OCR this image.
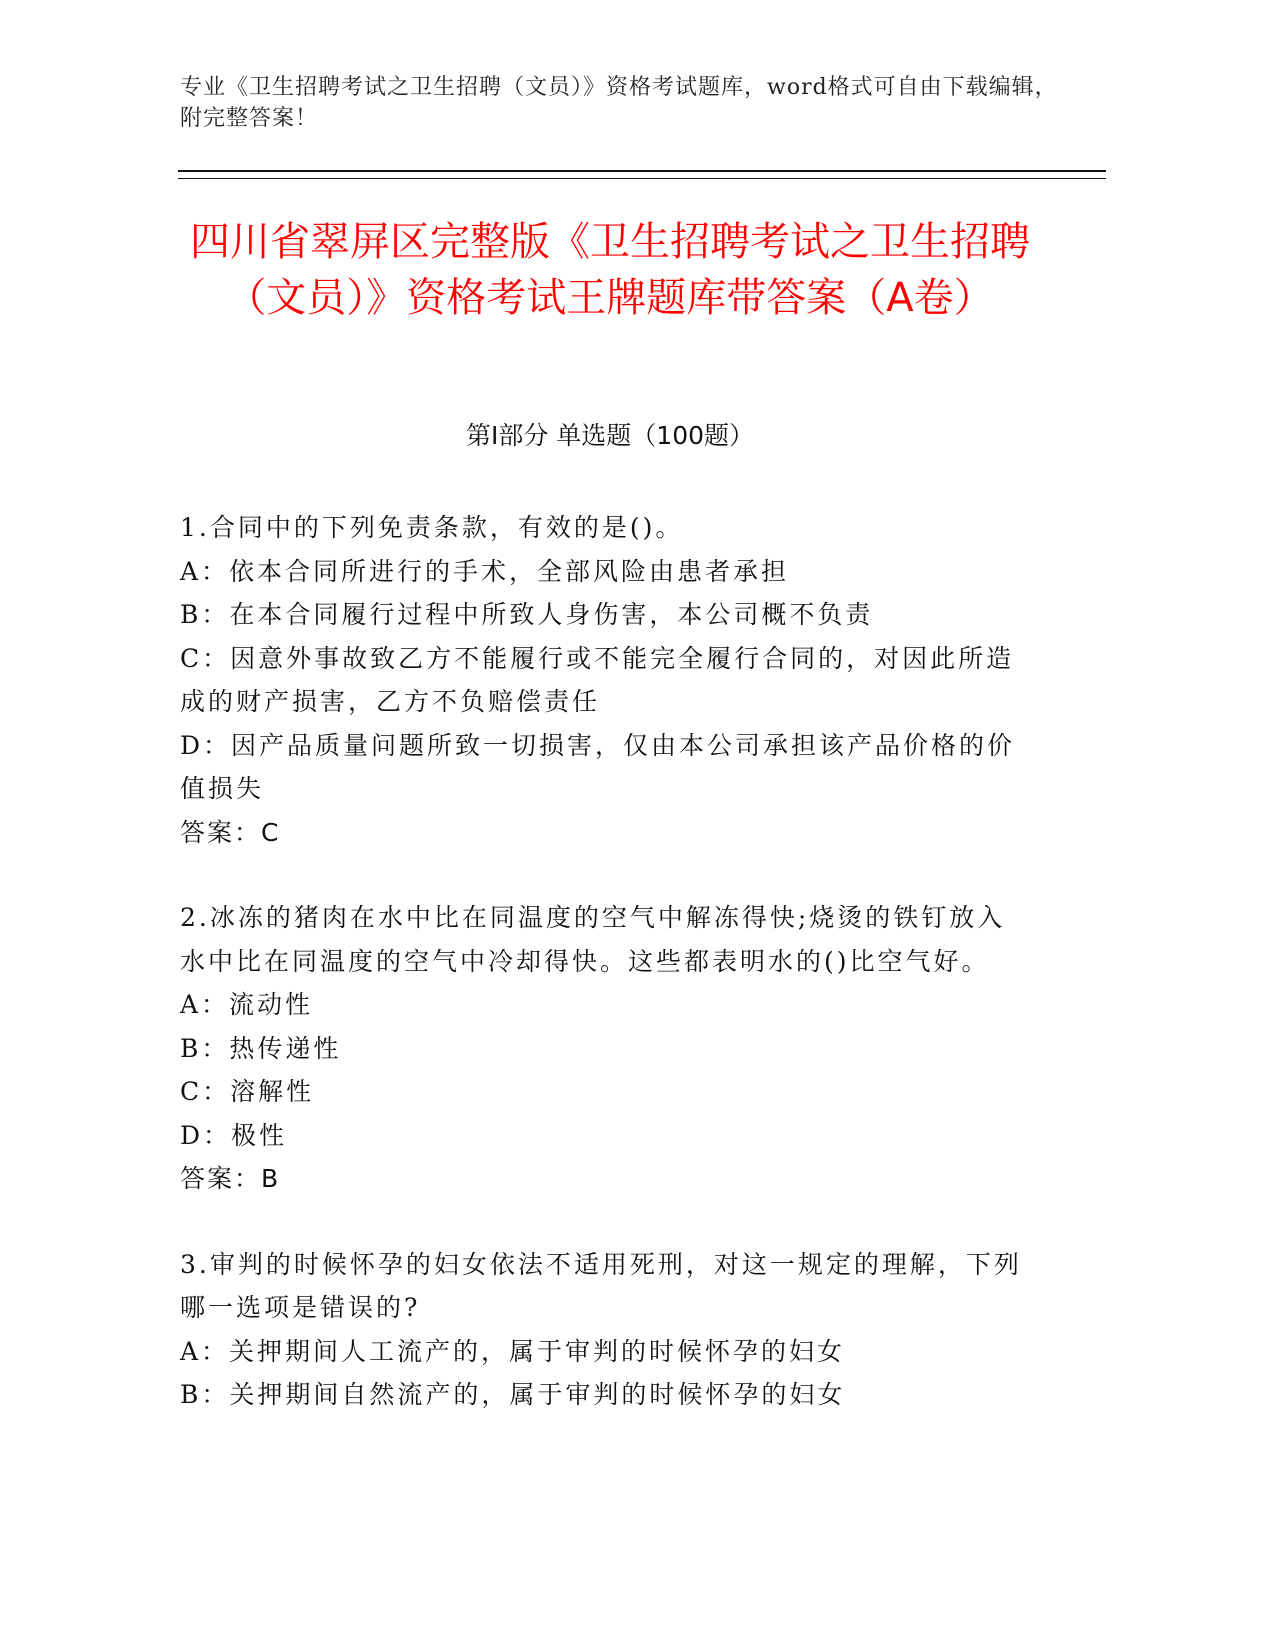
专业《卫生招聘考试之卫生招聘（文员）》资格考试题库，word格式可自由下载编辑，附完整答案！
四川省翠屏区完整版《卫生招聘考试之卫生招聘（文员）》资格考试王牌题库带答案（A卷）
第I部分 单选题（100题）

1.合同中的下列免责条款，有效的是()。

A：依本合同所进行的手术，全部风险由患者承担

B：在本合同履行过程中所致人身伤害，本公司概不负责

C：因意外事故致乙方不能履行或不能完全履行合同的，对因此所造成的财产损害，乙方不负赔偿责任

D：因产品质量问题所致一切损害，仅由本公司承担该产品价格的价值损失

答案：C

2.冰冻的猪肉在水中比在同温度的空气中解冻得快;烧烫的铁钉放入水中比在同温度的空气中冷却得快。这些都表明水的()比空气好。

A：流动性

B：热传递性

C：溶解性

D：极性

答案：B

3.审判的时候怀孕的妇女依法不适用死刑，对这一规定的理解，下列哪一选项是错误的?

A：关押期间人工流产的，属于审判的时候怀孕的妇女

B：关押期间自然流产的，属于审判的时候怀孕的妇女
